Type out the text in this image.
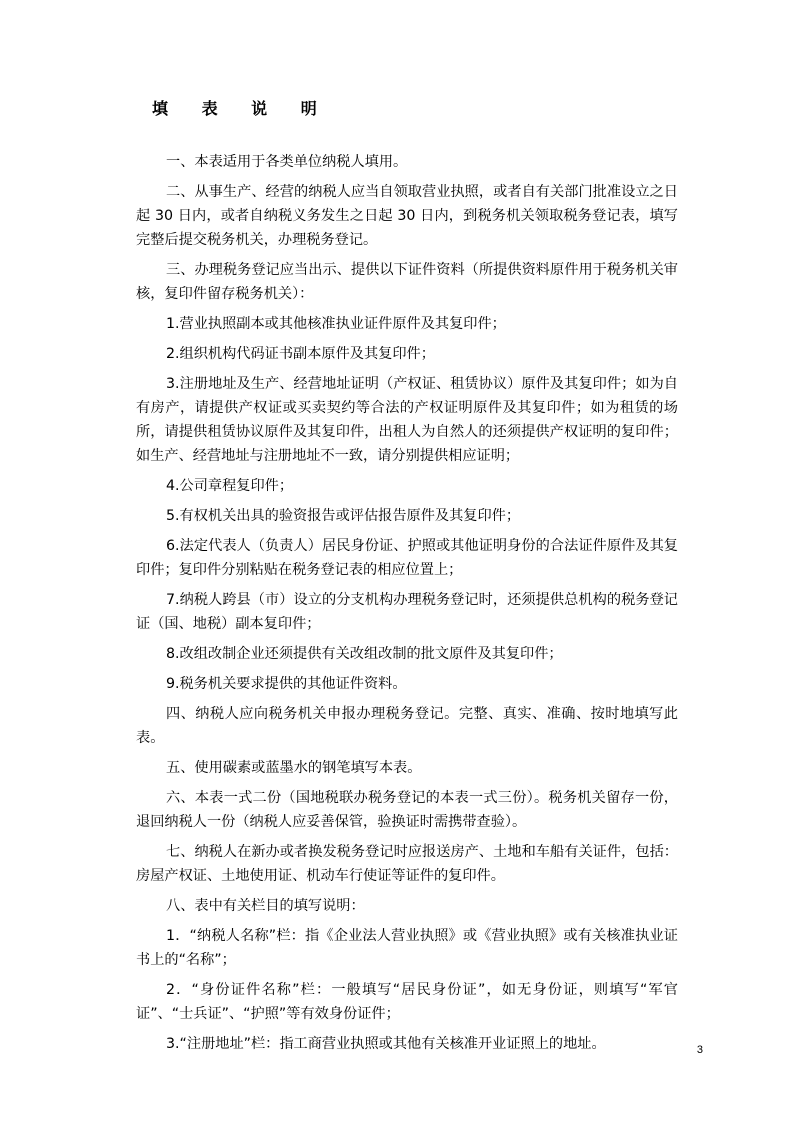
填 表 说 明

一、本表适用于各类单位纳税人填用。

二、从事生产、经营的纳税人应当自领取营业执照，或者自有关部门批准设立之日起 30 日内，或者自纳税义务发生之日起 30 日内，到税务机关领取税务登记表，填写完整后提交税务机关，办理税务登记。

三、办理税务登记应当出示、提供以下证件资料（所提供资料原件用于税务机关审核，复印件留存税务机关）：

1.营业执照副本或其他核准执业证件原件及其复印件；

2.组织机构代码证书副本原件及其复印件；

3.注册地址及生产、经营地址证明（产权证、租赁协议）原件及其复印件；如为自有房产，请提供产权证或买卖契约等合法的产权证明原件及其复印件；如为租赁的场所，请提供租赁协议原件及其复印件，出租人为自然人的还须提供产权证明的复印件；如生产、经营地址与注册地址不一致，请分别提供相应证明；

4.公司章程复印件；

5.有权机关出具的验资报告或评估报告原件及其复印件；

6.法定代表人（负责人）居民身份证、护照或其他证明身份的合法证件原件及其复印件；复印件分别粘贴在税务登记表的相应位置上；

7.纳税人跨县（市）设立的分支机构办理税务登记时，还须提供总机构的税务登记证（国、地税）副本复印件；

8.改组改制企业还须提供有关改组改制的批文原件及其复印件；

9.税务机关要求提供的其他证件资料。

四、纳税人应向税务机关申报办理税务登记。完整、真实、准确、按时地填写此表。

五、使用碳素或蓝墨水的钢笔填写本表。

六、本表一式二份（国地税联办税务登记的本表一式三份）。税务机关留存一份，退回纳税人一份（纳税人应妥善保管，验换证时需携带查验）。

七、纳税人在新办或者换发税务登记时应报送房产、土地和车船有关证件，包括：房屋产权证、土地使用证、机动车行使证等证件的复印件。

八、表中有关栏目的填写说明：

1．“纳税人名称”栏：指《企业法人营业执照》或《营业执照》或有关核准执业证书上的“名称”；

2．“身份证件名称”栏：一般填写“居民身份证”，如无身份证，则填写“军官证”、“士兵证”、“护照”等有效身份证件；

3.“注册地址”栏：指工商营业执照或其他有关核准开业证照上的地址。	3
